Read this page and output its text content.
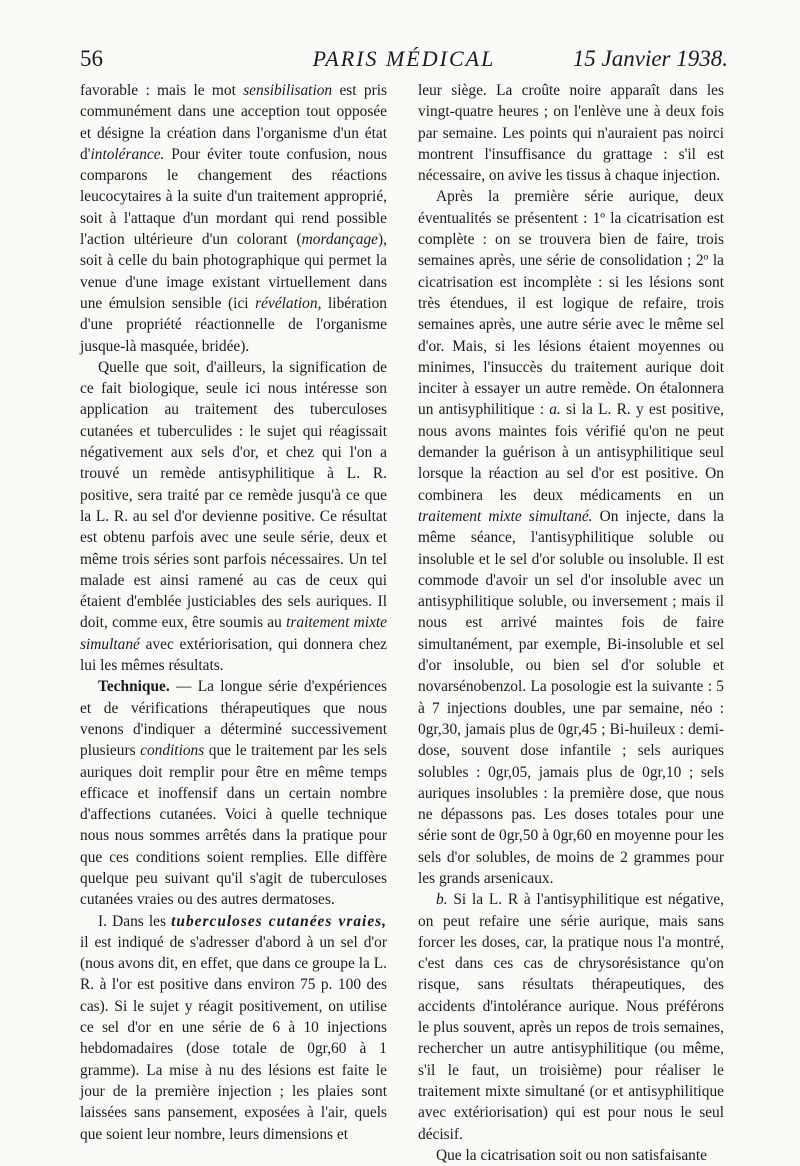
56	PARIS MÉDICAL	15 Janvier 1938.

favorable : mais le mot sensibilisation est pris communément dans une acception tout opposée et désigne la création dans l'organisme d'un état d'intolérance. Pour éviter toute confusion, nous comparons le changement des réactions leucocytaires à la suite d'un traitement approprié, soit à l'attaque d'un mordant qui rend possible l'action ultérieure d'un colorant (mordançage), soit à celle du bain photographique qui permet la venue d'une image existant virtuellement dans une émulsion sensible (ici révélation, libération d'une propriété réactionnelle de l'organisme jusque-là masquée, bridée).

Quelle que soit, d'ailleurs, la signification de ce fait biologique, seule ici nous intéresse son application au traitement des tuberculoses cutanées et tuberculides : le sujet qui réagissait négativement aux sels d'or, et chez qui l'on a trouvé un remède antisyphilitique à L. R. positive, sera traité par ce remède jusqu'à ce que la L. R. au sel d'or devienne positive. Ce résultat est obtenu parfois avec une seule série, deux et même trois séries sont parfois nécessaires. Un tel malade est ainsi ramené au cas de ceux qui étaient d'emblée justiciables des sels auriques. Il doit, comme eux, être soumis au traitement mixte simultané avec extériorisation, qui donnera chez lui les mêmes résultats.

Technique. — La longue série d'expériences et de vérifications thérapeutiques que nous venons d'indiquer a déterminé successivement plusieurs conditions que le traitement par les sels auriques doit remplir pour être en même temps efficace et inoffensif dans un certain nombre d'affections cutanées. Voici à quelle technique nous nous sommes arrêtés dans la pratique pour que ces conditions soient remplies. Elle diffère quelque peu suivant qu'il s'agit de tuberculoses cutanées vraies ou des autres dermatoses.

I. Dans les tuberculoses cutanées vraies, il est indiqué de s'adresser d'abord à un sel d'or (nous avons dit, en effet, que dans ce groupe la L. R. à l'or est positive dans environ 75 p. 100 des cas). Si le sujet y réagit positivement, on utilise ce sel d'or en une série de 6 à 10 injections hebdomadaires (dose totale de 0gr,60 à 1 gramme). La mise à nu des lésions est faite le jour de la première injection ; les plaies sont laissées sans pansement, exposées à l'air, quels que soient leur nombre, leurs dimensions et

leur siège. La croûte noire apparaît dans les vingt-quatre heures ; on l'enlève une à deux fois par semaine. Les points qui n'auraient pas noirci montrent l'insuffisance du grattage : s'il est nécessaire, on avive les tissus à chaque injection.

Après la première série aurique, deux éventualités se présentent : 1º la cicatrisation est complète : on se trouvera bien de faire, trois semaines après, une série de consolidation ; 2º la cicatrisation est incomplète : si les lésions sont très étendues, il est logique de refaire, trois semaines après, une autre série avec le même sel d'or. Mais, si les lésions étaient moyennes ou minimes, l'insuccès du traitement aurique doit inciter à essayer un autre remède. On étalonnera un antisyphilitique : a. si la L. R. y est positive, nous avons maintes fois vérifié qu'on ne peut demander la guérison à un antisyphilitique seul lorsque la réaction au sel d'or est positive. On combinera les deux médicaments en un traitement mixte simultané. On injecte, dans la même séance, l'antisyphilitique soluble ou insoluble et le sel d'or soluble ou insoluble. Il est commode d'avoir un sel d'or insoluble avec un antisyphilitique soluble, ou inversement ; mais il nous est arrivé maintes fois de faire simultanément, par exemple, Bi-insoluble et sel d'or insoluble, ou bien sel d'or soluble et novarsénobenzol. La posologie est la suivante : 5 à 7 injections doubles, une par semaine, néo : 0gr,30, jamais plus de 0gr,45 ; Bi-huileux : demi-dose, souvent dose infantile ; sels auriques solubles : 0gr,05, jamais plus de 0gr,10 ; sels auriques insolubles : la première dose, que nous ne dépassons pas. Les doses totales pour une série sont de 0gr,50 à 0gr,60 en moyenne pour les sels d'or solubles, de moins de 2 grammes pour les grands arsenicaux.

b. Si la L. R à l'antisyphilitique est négative, on peut refaire une série aurique, mais sans forcer les doses, car, la pratique nous l'a montré, c'est dans ces cas de chrysorésistance qu'on risque, sans résultats thérapeutiques, des accidents d'intolérance aurique. Nous préférons le plus souvent, après un repos de trois semaines, rechercher un autre antisyphilitique (ou même, s'il le faut, un troisième) pour réaliser le traitement mixte simultané (or et antisyphilitique avec extériorisation) qui est pour nous le seul décisif.

Que la cicatrisation soit ou non satisfaisante
